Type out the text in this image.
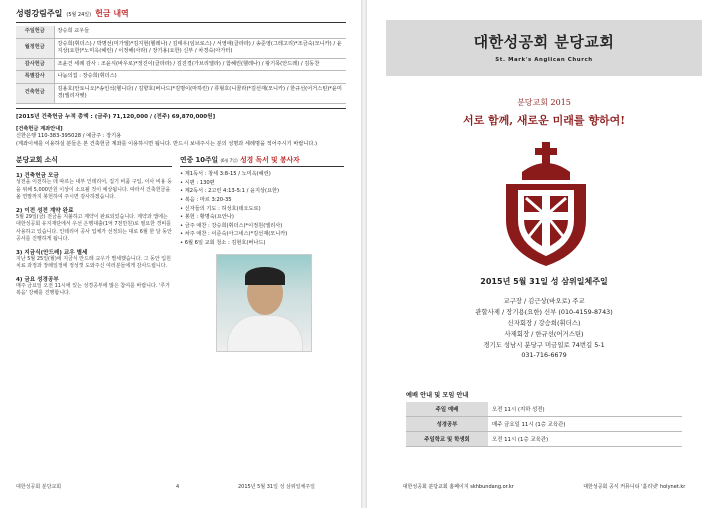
성령강림주일 (5월 24일) 헌금 내역
주일헌금	장승희 교우들
월정헌금	강승희(휘더스) / 박명선(미가엘)*김지현(헬레나) / 김태우(임브로스) / 서영애(클라라) / 송준영(그레고리)*조금숙(모니카) / 윤지상(요한)*노미옥(헤런) / 이정해(사라) / 장기용(요한) 신부 / 차경숙(아가터)
감사헌금	조윤건 세례 감사 : 조윤식(바우로)*정진이(클라라) / 김진경(가브리엘라) / 함혜린(헬레나) / 왕기목(안드레) / 김동찬
특별감사	나눔의집 : 장승희(휘더스)
건축헌금	김용호(안토니오)*송인석(헬니다) / 김향호(버나드)*김명이(마하린) / 류형호(니콜라)*김선재(모니카) / 한규선(어거스틴)*윤미경(엘리자벳)
[2015년 건축헌금 누적 총액 : (금주) 71,120,000 / (전주) 69,870,000원]
[건축헌금 계좌안내]
신한은행 110-383-395028 / 예금주 : 장기용
(계좌이체를 이용하실 분들은 본 건축헌금 계좌를 이용하시면 됩니다. 반드시 보내주시는 분의 성명과 세례명을 적어주시기 바랍니다.)
분당교회 소식
1) 건축헌금 모금
성전을 이전하는 데 따르는 내부 인테리어, 집기 비품 구입, 이사 비용 등을 위해 5,000만원 이상이 소요될 것이 예상됩니다. 따라서 건축헌금을 올 연말까지 봉헌하여 주시면 감사하겠습니다.
2) 이전 성전 계약 완료
5월 29일(금) 전금을 지불하고 계약이 완료되었습니다. 계약과 앱에는 대한성공회 유지재단에서 우선 은행대출(1억 7천만원)로 필요한 경비를 사용하고 있습니다. 인테리어 공사 업체가 선정되는 대로 6월 한 달 동안 공사를 진행하게 됩니다.
3) 지금식(안드레) 교우 별세
지난 5월 25일(월)에 지금식 안드레 교우가 별세했습니다. 그 동안 입원치료 과정과 장례일정에 정성껏 도와주신 여러분들에게 감사드립니다.
4) 금요 성경공부
매주 금요일 오전 11시에 있는 성경공부에 많은 참여를 바랍니다. '루가 복음' 강해를 진행합니다.
연중 10주일 (6월 7일) 성경 독서 및 봉사자
• 제1독서 : 창세 3:8-15 / 노미옥(헤런)
• 시편 : 130편
• 제2독서 : 2고린 4:13-5:1 / 윤지상(요한)
• 복음 : 마르 3:20-35
• 신자들의 기도 : 허성호(데오도로)
• 봉헌 : 황명숙(요안나)
• 금주 애찬 : 강승희(휘더스)*이정원(엘리사)
• 차주 애찬 : 이준숙(아그네스)*김선재(모니카)
• 6월 6일 교회 청소 : 김현호(버나드)
대한성공회 분당교회	4	2015년 5월 31일 성 삼위일체주일
대한성공회 분당교회
St. Mark's Anglican Church
분당교회 2015
서로 함께, 새로운 미래를 향하여!
2015년 5월 31일 성 삼위일체주일
교구장 / 김근상(바오로) 주교
관할사제 / 장기용(요한) 신부 (010-4159-8743)
신자회장 / 강승희(휘더스)
사제회장 / 한규선(어거스틴)
경기도 성남시 분당구 미금일로 74번길 5-1
031-716-6679
예배 안내 및 모임 안내
주일 예배	오전 11시 (지하 성전)
성경공부	매주 금요일 11시 (1층 교육관)
주일학교 및 학생회	오전 11시 (1층 교육관)
대한성공회 분당교회 홈페이지 skhbundang.or.kr	대한성공회 공식 커뮤니티 '홀리넷' holynet.kr
